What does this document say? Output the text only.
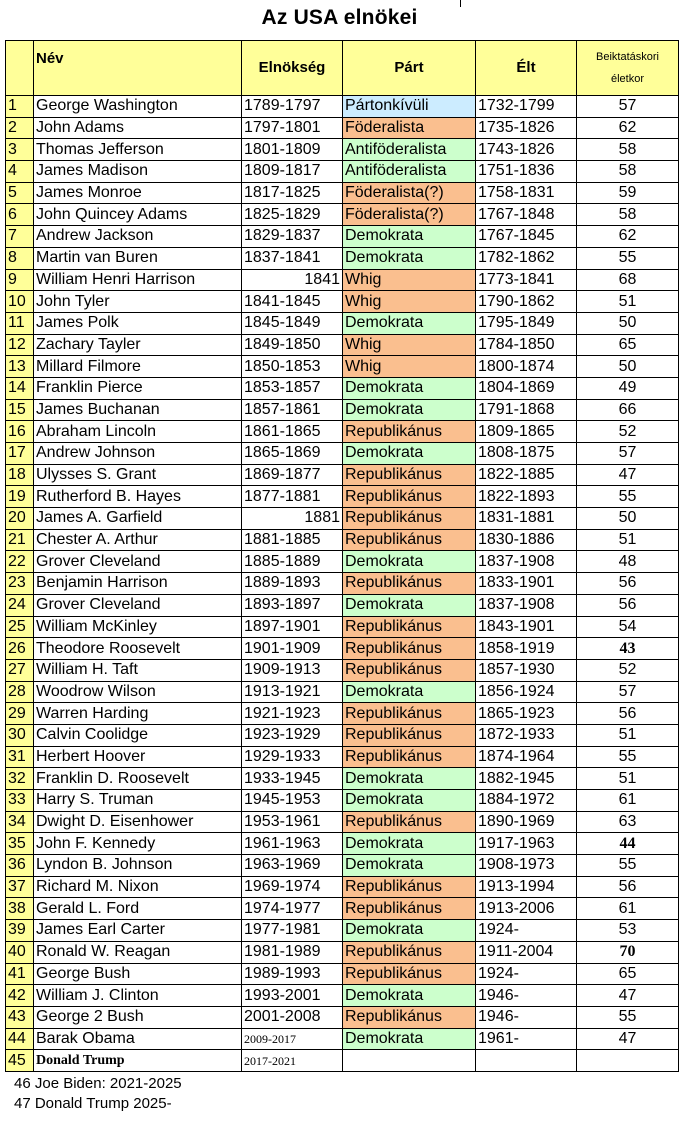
Az USA elnökei
	Név	Elnökség	Párt	Élt	Beiktatáskori
életkor

1	George Washington	1789-1797	Pártonkívüli	1732-1799	57
2	John Adams	1797-1801	Föderalista	1735-1826	62
3	Thomas Jefferson	1801-1809	Antiföderalista	1743-1826	58
4	James Madison	1809-1817	Antiföderalista	1751-1836	58
5	James Monroe	1817-1825	Föderalista(?)	1758-1831	59
6	John Quincey Adams	1825-1829	Föderalista(?)	1767-1848	58
7	Andrew Jackson	1829-1837	Demokrata	1767-1845	62
8	Martin van Buren	1837-1841	Demokrata	1782-1862	55
9	William Henri Harrison	1841	Whig	1773-1841	68
10	John Tyler	1841-1845	Whig	1790-1862	51
11	James Polk	1845-1849	Demokrata	1795-1849	50
12	Zachary Tayler	1849-1850	Whig	1784-1850	65
13	Millard Filmore	1850-1853	Whig	1800-1874	50
14	Franklin Pierce	1853-1857	Demokrata	1804-1869	49
15	James Buchanan	1857-1861	Demokrata	1791-1868	66
16	Abraham Lincoln	1861-1865	Republikánus	1809-1865	52
17	Andrew Johnson	1865-1869	Demokrata	1808-1875	57
18	Ulysses S. Grant	1869-1877	Republikánus	1822-1885	47
19	Rutherford B. Hayes	1877-1881	Republikánus	1822-1893	55
20	James A. Garfield	1881	Republikánus	1831-1881	50
21	Chester A. Arthur	1881-1885	Republikánus	1830-1886	51
22	Grover Cleveland	1885-1889	Demokrata	1837-1908	48
23	Benjamin Harrison	1889-1893	Republikánus	1833-1901	56
24	Grover Cleveland	1893-1897	Demokrata	1837-1908	56
25	William McKinley	1897-1901	Republikánus	1843-1901	54
26	Theodore Roosevelt	1901-1909	Republikánus	1858-1919	43
27	William H. Taft	1909-1913	Republikánus	1857-1930	52
28	Woodrow Wilson	1913-1921	Demokrata	1856-1924	57
29	Warren Harding	1921-1923	Republikánus	1865-1923	56
30	Calvin Coolidge	1923-1929	Republikánus	1872-1933	51
31	Herbert Hoover	1929-1933	Republikánus	1874-1964	55
32	Franklin D. Roosevelt	1933-1945	Demokrata	1882-1945	51
33	Harry S. Truman	1945-1953	Demokrata	1884-1972	61
34	Dwight D. Eisenhower	1953-1961	Republikánus	1890-1969	63
35	John F. Kennedy	1961-1963	Demokrata	1917-1963	44
36	Lyndon B. Johnson	1963-1969	Demokrata	1908-1973	55
37	Richard M. Nixon	1969-1974	Republikánus	1913-1994	56
38	Gerald L. Ford	1974-1977	Republikánus	1913-2006	61
39	James Earl Carter	1977-1981	Demokrata	1924-	53
40	Ronald W. Reagan	1981-1989	Republikánus	1911-2004	70
41	George Bush	1989-1993	Republikánus	1924-	65
42	William J. Clinton	1993-2001	Demokrata	1946-	47
43	George 2 Bush	2001-2008	Republikánus	1946-	55
44	Barak Obama	2009-2017	Demokrata	1961-	47
45	Donald Trump	2017-2021			
46 Joe Biden: 2021-2025
47 Donald Trump 2025-
